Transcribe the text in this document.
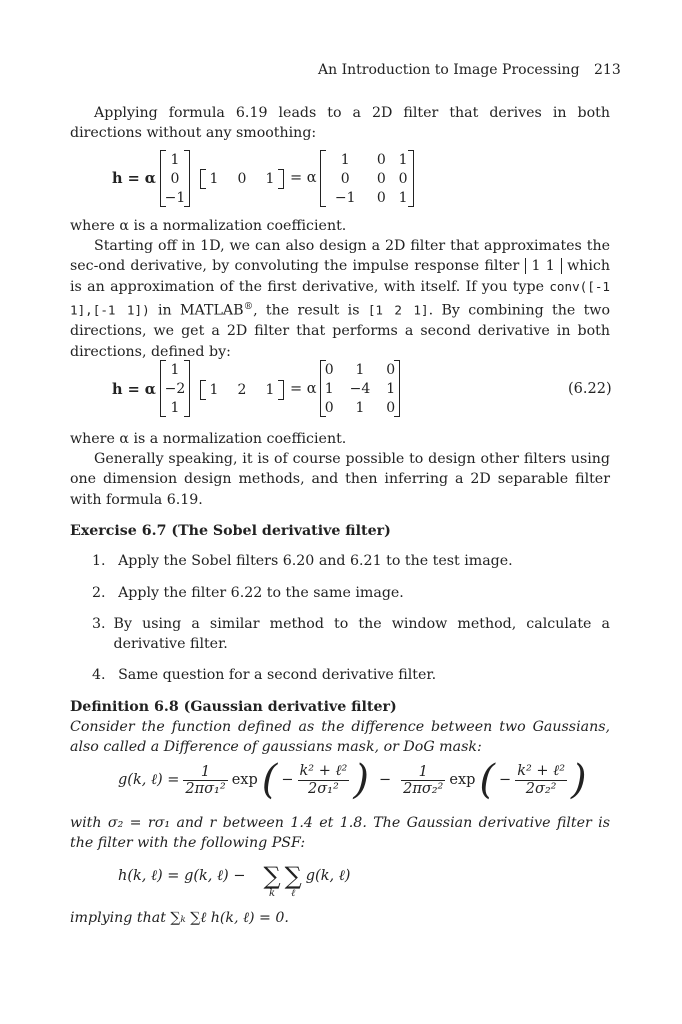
An Introduction to Image Processing 213
Applying formula 6.19 leads to a 2D filter that derives in both directions without any smoothing:
h = α
1
0
−1
1	0	1 = α
1	0	1
0	0	0
−1	0	1
where α is a normalization coefficient.
Starting off in 1D, we can also design a 2D filter that approximates the sec-ond derivative, by convoluting the impulse response filter 1 1 which is an approximation of the first derivative, with itself. If you type conv([-1 1],[-1 1]) in MATLAB®, the result is [1 2 1]. By combining the two directions, we get a 2D filter that performs a second derivative in both directions, defined by:
h = α
1
−2
1
1	2	1 = α
0	1	0
1	−4	1
0	1	0
(6.22)
where α is a normalization coefficient.
Generally speaking, it is of course possible to design other filters using one dimension design methods, and then inferring a 2D separable filter with formula 6.19.
Exercise 6.7 (The Sobel derivative filter)
1. Apply the Sobel filters 6.20 and 6.21 to the test image.
2. Apply the filter 6.22 to the same image.
3. By using a similar method to the window method, calculate a derivative filter.
4. Same question for a second derivative filter.
Definition 6.8 (Gaussian derivative filter)
Consider the function defined as the difference between two Gaussians, also called a Difference of gaussians mask, or DoG mask:
g(k, ℓ) = $\frac{1}{\text{2πσ₁²}}$ exp ( − $\frac{\text{k² + ℓ²}}{\text{2σ₁²}}$ ) − $\frac{1}{\text{2πσ₂²}}$ exp ( − $\frac{\text{k² + ℓ²}}{\text{2σ₂²}}$ )
with σ₂ = rσ₁ and r between 1.4 et 1.8. The Gaussian derivative filter is the filter with the following PSF:
h(k, ℓ) = g(k, ℓ) − ∑
k
∑
ℓ
g(k, ℓ)
implying that ∑ₖ ∑ℓ h(k, ℓ) = 0.
